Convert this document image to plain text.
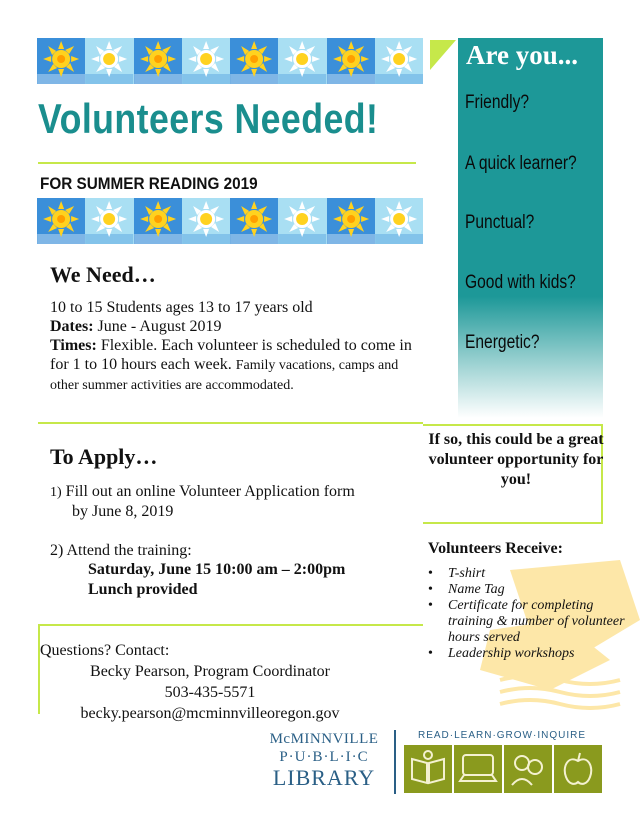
Volunteers Needed!
FOR SUMMER READING 2019
Are you...
Friendly?
A quick learner?
Punctual?
Good with kids?
Energetic?
We Need…
10 to 15 Students ages 13 to 17 years old
Dates: June - August 2019
Times: Flexible. Each volunteer is scheduled to come in for 1 to 10 hours each week. Family vacations, camps and other summer activities are accommodated.
To Apply…
1) Fill out an online Volunteer Application form
by June 8, 2019
2) Attend the training:
Saturday, June 15 10:00 am – 2:00pm
Lunch provided
If so, this could be a great volunteer opportunity for you!
Volunteers Receive:
• T-shirt
• Name Tag
• Certificate for completing training & number of volunteer hours served
• Leadership workshops
Questions? Contact:
Becky Pearson, Program Coordinator
503-435-5571
becky.pearson@mcminnvilleoregon.gov
McMINNVILLE
P·U·B·L·I·C
LIBRARY
READ·LEARN·GROW·INQUIRE
